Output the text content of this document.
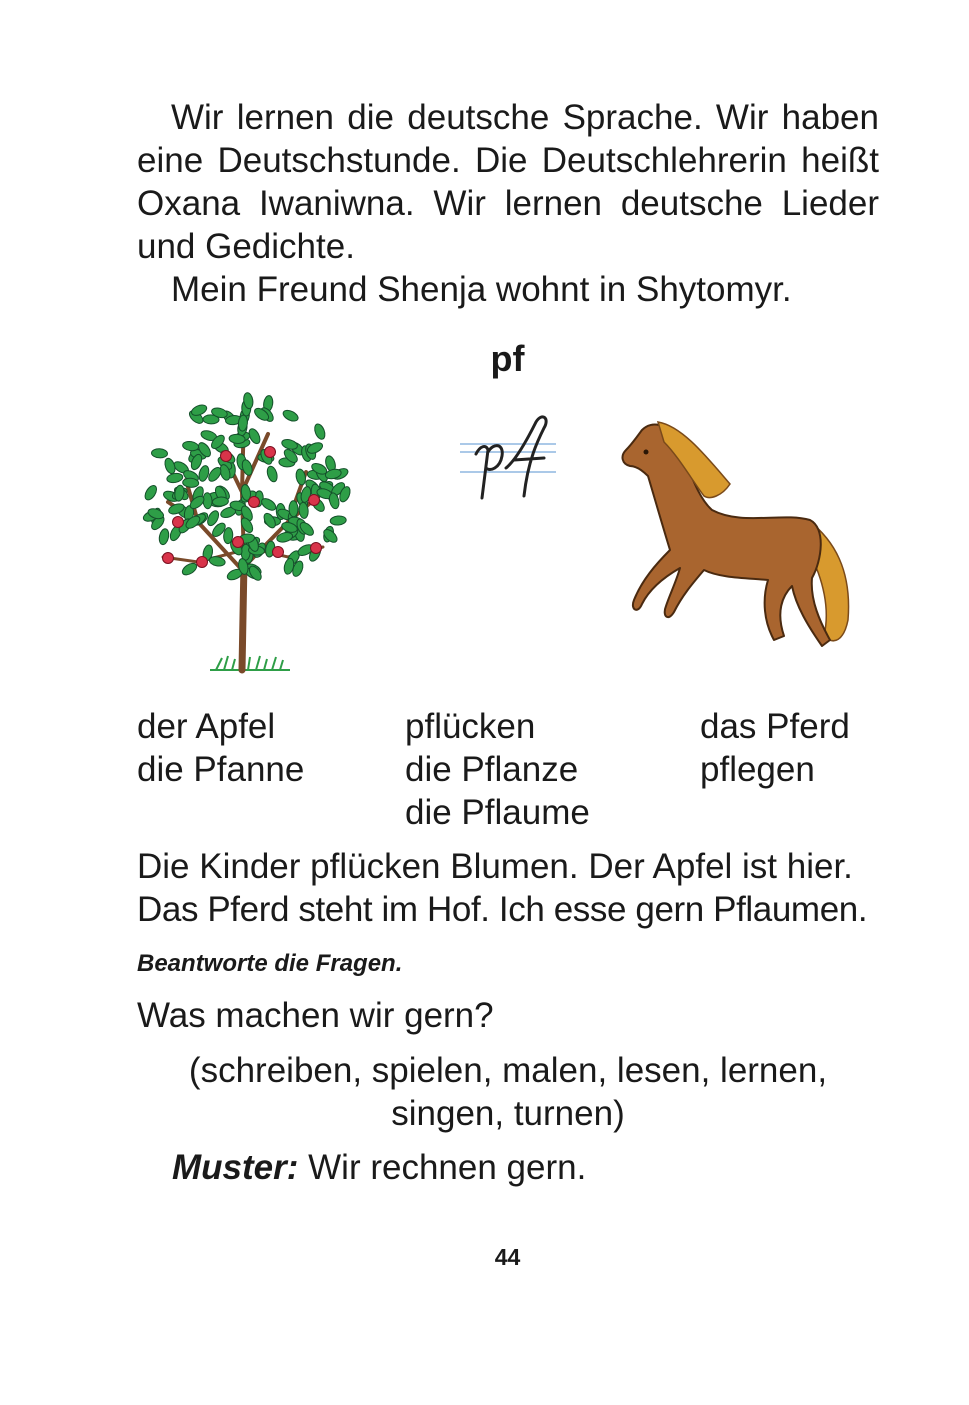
Wir lernen die deutsche Sprache. Wir haben eine Deutschstunde. Die Deutschlehrerin heißt Oxana Iwaniwna. Wir lernen deutsche Lieder und Gedichte.

Mein Freund Shenja wohnt in Shytomyr.

pf
der Apfel
die Pfanne
pflücken
die Pflanze
die Pflaume
das Pferd
pflegen
Die Kinder pflücken Blumen. Der Apfel ist hier.
Das Pferd steht im Hof. Ich esse gern Pflaumen.
Beantworte die Fragen.
Was machen wir gern?
(schreiben, spielen, malen, lesen, lernen,
singen, turnen)
Muster: Wir rechnen gern.
44
